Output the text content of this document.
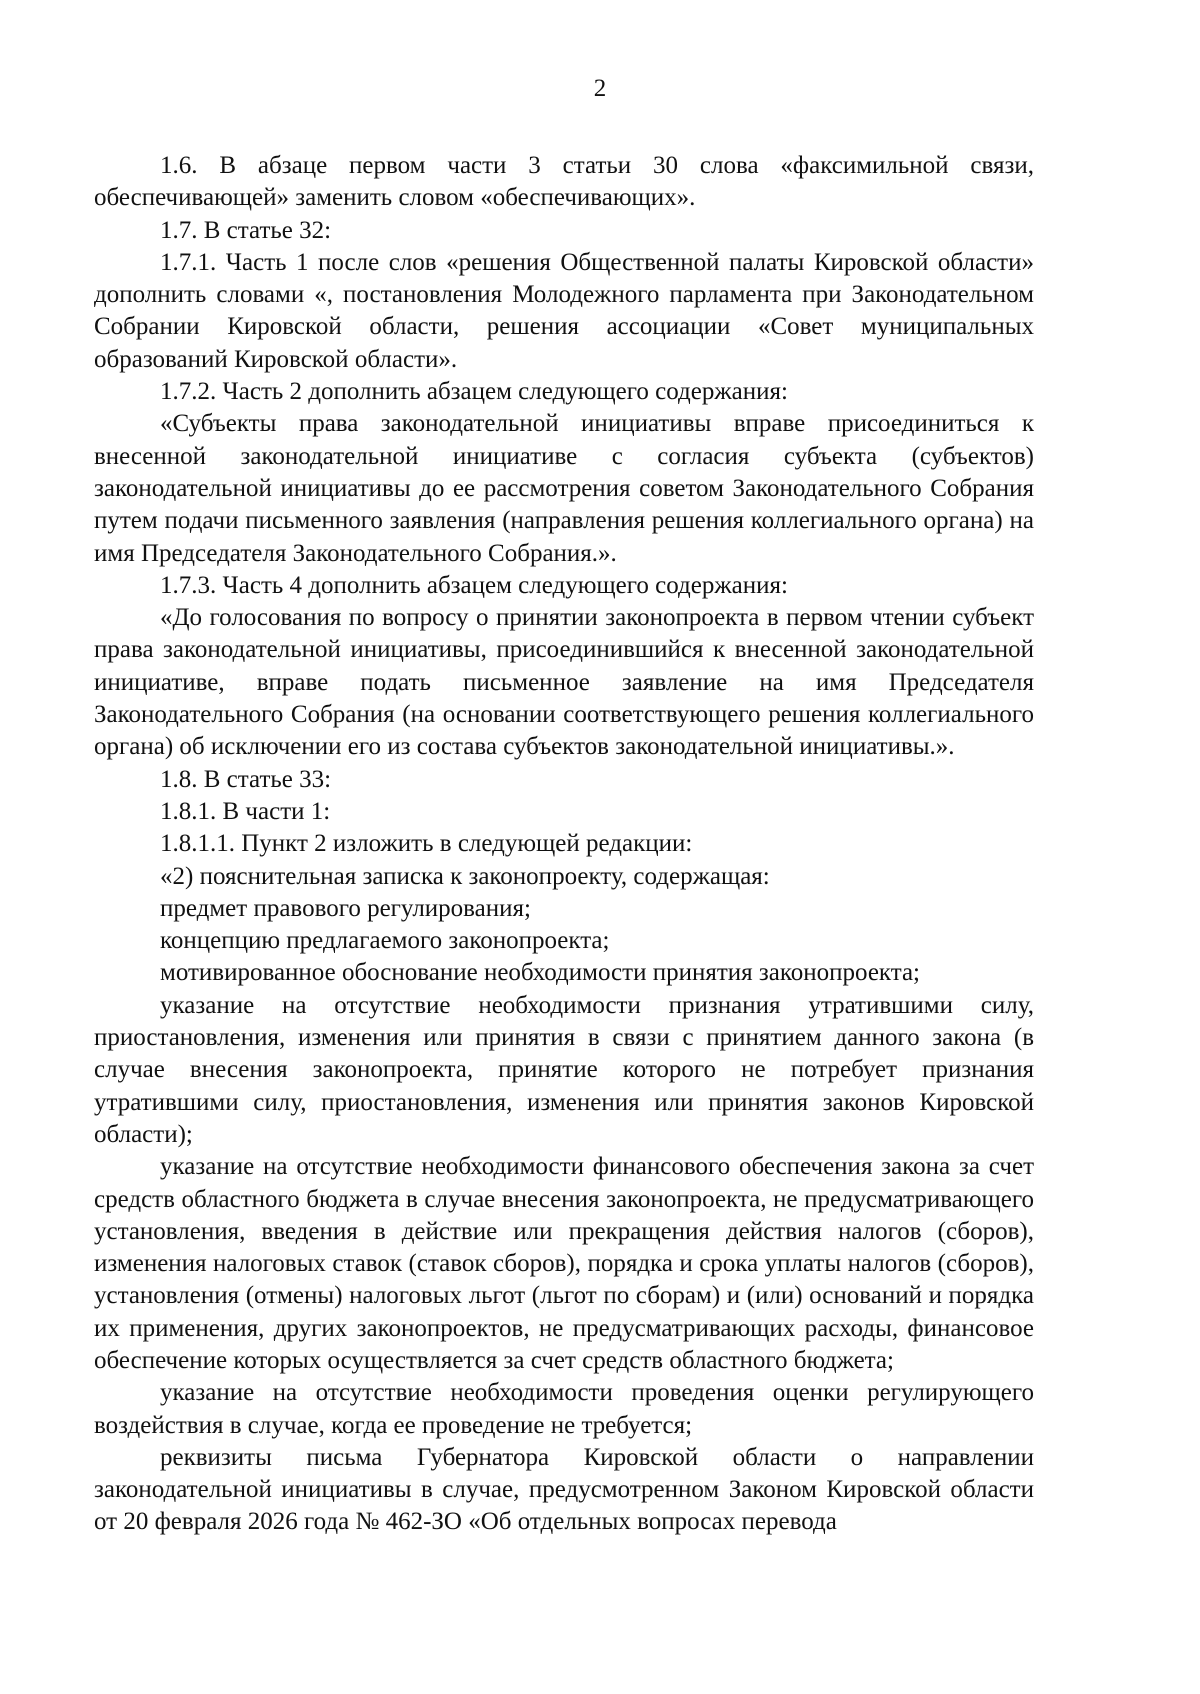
2

1.6. В абзаце первом части 3 статьи 30 слова «факсимильной связи, обеспечивающей» заменить словом «обеспечивающих».

1.7. В статье 32:

1.7.1. Часть 1 после слов «решения Общественной палаты Кировской области» дополнить словами «, постановления Молодежного парламента при Законодательном Собрании Кировской области, решения ассоциации «Совет муниципальных образований Кировской области».

1.7.2. Часть 2 дополнить абзацем следующего содержания:

«Субъекты права законодательной инициативы вправе присоединиться к внесенной законодательной инициативе с согласия субъекта (субъектов) законодательной инициативы до ее рассмотрения советом Законодательного Собрания путем подачи письменного заявления (направления решения коллегиального органа) на имя Председателя Законодательного Собрания.».

1.7.3. Часть 4 дополнить абзацем следующего содержания:

«До голосования по вопросу о принятии законопроекта в первом чтении субъект права законодательной инициативы, присоединившийся к внесенной законодательной инициативе, вправе подать письменное заявление на имя Председателя Законодательного Собрания (на основании соответствующего решения коллегиального органа) об исключении его из состава субъектов законодательной инициативы.».

1.8. В статье 33:

1.8.1. В части 1:

1.8.1.1. Пункт 2 изложить в следующей редакции:

«2) пояснительная записка к законопроекту, содержащая:

предмет правового регулирования;

концепцию предлагаемого законопроекта;

мотивированное обоснование необходимости принятия законопроекта;

указание на отсутствие необходимости признания утратившими силу, приостановления, изменения или принятия в связи с принятием данного закона (в случае внесения законопроекта, принятие которого не потребует признания утратившими силу, приостановления, изменения или принятия законов Кировской области);

указание на отсутствие необходимости финансового обеспечения закона за счет средств областного бюджета в случае внесения законопроекта, не предусматривающего установления, введения в действие или прекращения действия налогов (сборов), изменения налоговых ставок (ставок сборов), порядка и срока уплаты налогов (сборов), установления (отмены) налоговых льгот (льгот по сборам) и (или) оснований и порядка их применения, других законопроектов, не предусматривающих расходы, финансовое обеспечение которых осуществляется за счет средств областного бюджета;

указание на отсутствие необходимости проведения оценки регулирующего воздействия в случае, когда ее проведение не требуется;

реквизиты письма Губернатора Кировской области о направлении законодательной инициативы в случае, предусмотренном Законом Кировской области от 20 февраля 2026 года № 462-ЗО «Об отдельных вопросах перевода
